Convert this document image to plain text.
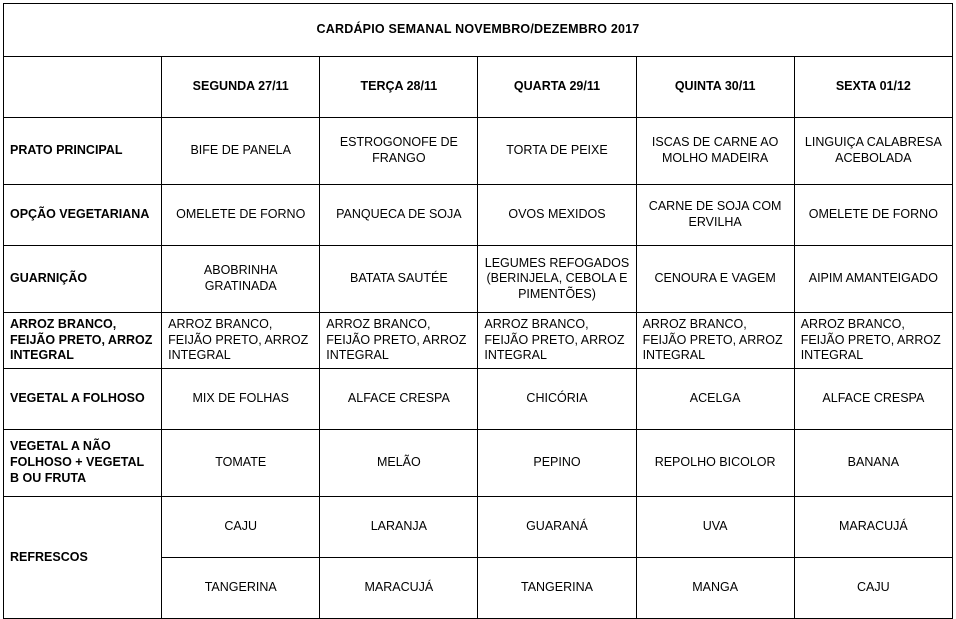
CARDÁPIO SEMANAL NOVEMBRO/DEZEMBRO 2017					
	SEGUNDA 27/11	TERÇA 28/11	QUARTA 29/11	QUINTA 30/11	SEXTA 01/12
PRATO PRINCIPAL	BIFE DE PANELA	ESTROGONOFE DE FRANGO	TORTA DE PEIXE	ISCAS DE CARNE AO MOLHO MADEIRA	LINGUIÇA CALABRESA ACEBOLADA
OPÇÃO VEGETARIANA	OMELETE DE FORNO	PANQUECA DE SOJA	OVOS MEXIDOS	CARNE DE SOJA COM ERVILHA	OMELETE DE FORNO
GUARNIÇÃO	ABOBRINHA GRATINADA	BATATA SAUTÉE	LEGUMES REFOGADOS (BERINJELA, CEBOLA E PIMENTÕES)	CENOURA E VAGEM	AIPIM AMANTEIGADO
ARROZ BRANCO, FEIJÃO PRETO, ARROZ INTEGRAL	ARROZ BRANCO, FEIJÃO PRETO, ARROZ INTEGRAL	ARROZ BRANCO, FEIJÃO PRETO, ARROZ INTEGRAL	ARROZ BRANCO, FEIJÃO PRETO, ARROZ INTEGRAL	ARROZ BRANCO, FEIJÃO PRETO, ARROZ INTEGRAL	ARROZ BRANCO, FEIJÃO PRETO, ARROZ INTEGRAL
VEGETAL A FOLHOSO	MIX DE FOLHAS	ALFACE CRESPA	CHICÓRIA	ACELGA	ALFACE CRESPA
VEGETAL A NÃO FOLHOSO + VEGETAL B OU FRUTA	TOMATE	MELÃO	PEPINO	REPOLHO BICOLOR	BANANA
REFRESCOS	CAJU	LARANJA	GUARANÁ	UVA	MARACUJÁ
	TANGERINA	MARACUJÁ	TANGERINA	MANGA	CAJU
